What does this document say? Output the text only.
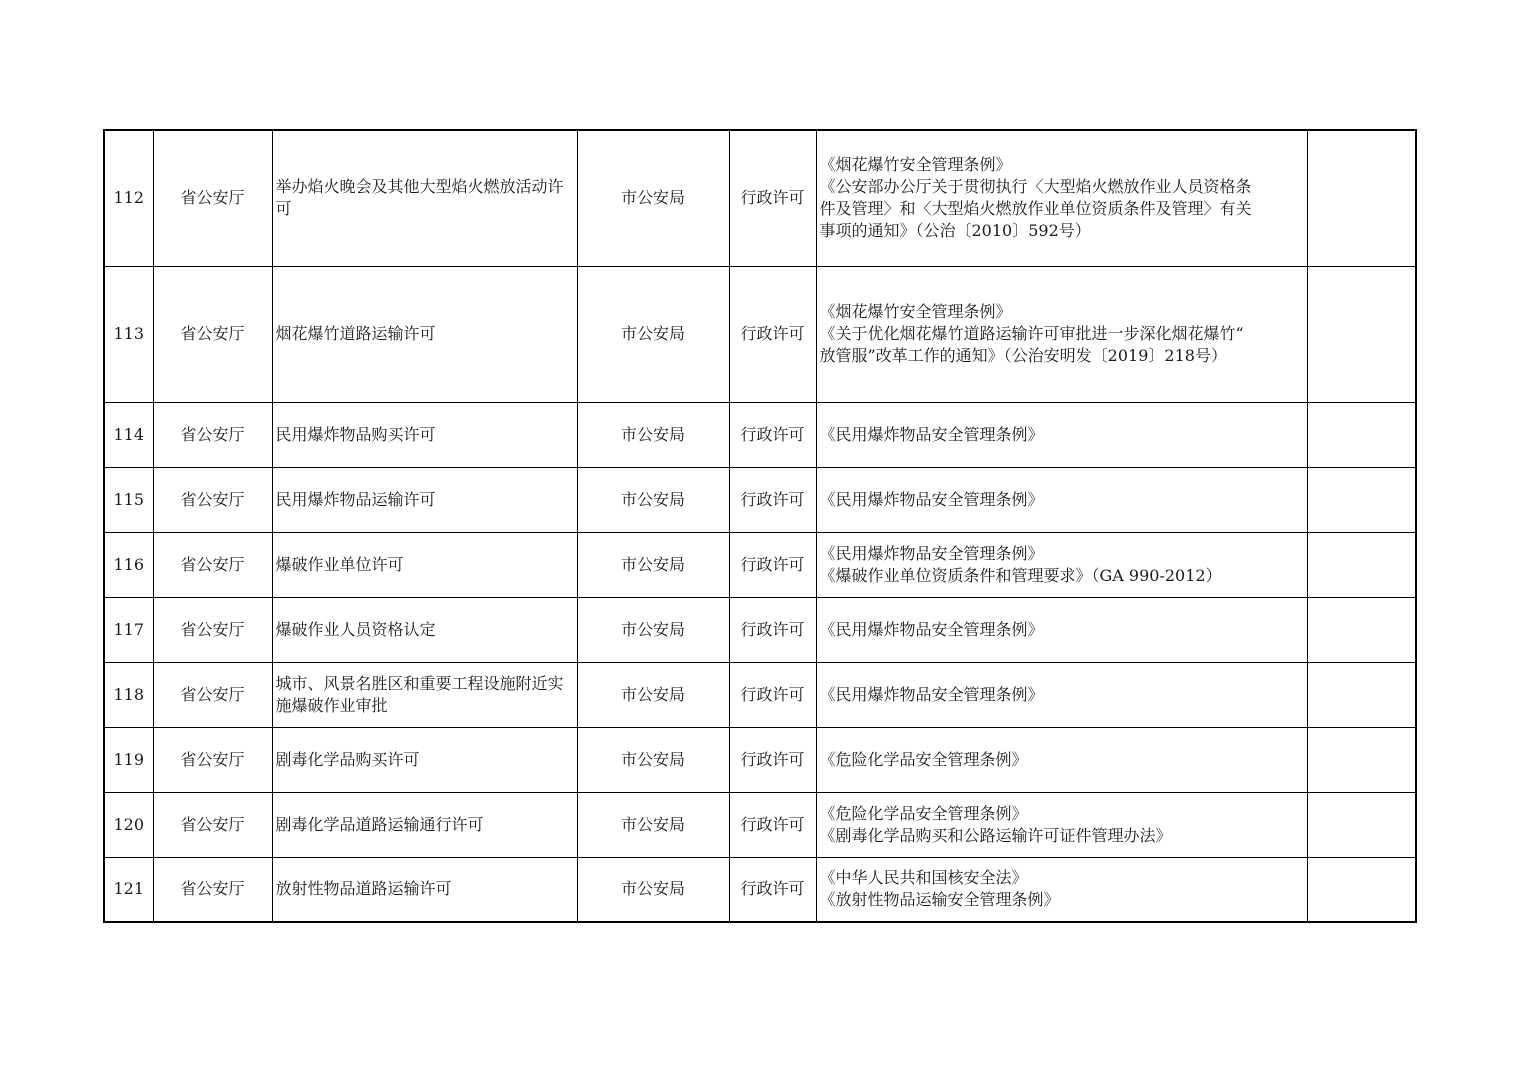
112	省公安厅	举办焰火晚会及其他大型焰火燃放活动许可	市公安局	行政许可	《烟花爆竹安全管理条例》
《公安部办公厅关于贯彻执行〈大型焰火燃放作业人员资格条
件及管理〉和〈大型焰火燃放作业单位资质条件及管理〉有关
事项的通知》（公治〔2010〕592号）	

113	省公安厅	烟花爆竹道路运输许可	市公安局	行政许可	《烟花爆竹安全管理条例》
《关于优化烟花爆竹道路运输许可审批进一步深化烟花爆竹“
放管服”改革工作的通知》（公治安明发〔2019〕218号）	

114	省公安厅	民用爆炸物品购买许可	市公安局	行政许可	《民用爆炸物品安全管理条例》	

115	省公安厅	民用爆炸物品运输许可	市公安局	行政许可	《民用爆炸物品安全管理条例》	

116	省公安厅	爆破作业单位许可	市公安局	行政许可	《民用爆炸物品安全管理条例》
《爆破作业单位资质条件和管理要求》（GA 990-2012）	

117	省公安厅	爆破作业人员资格认定	市公安局	行政许可	《民用爆炸物品安全管理条例》	

118	省公安厅	城市、风景名胜区和重要工程设施附近实施爆破作业审批	市公安局	行政许可	《民用爆炸物品安全管理条例》	

119	省公安厅	剧毒化学品购买许可	市公安局	行政许可	《危险化学品安全管理条例》	

120	省公安厅	剧毒化学品道路运输通行许可	市公安局	行政许可	《危险化学品安全管理条例》
《剧毒化学品购买和公路运输许可证件管理办法》	

121	省公安厅	放射性物品道路运输许可	市公安局	行政许可	《中华人民共和国核安全法》
《放射性物品运输安全管理条例》	
